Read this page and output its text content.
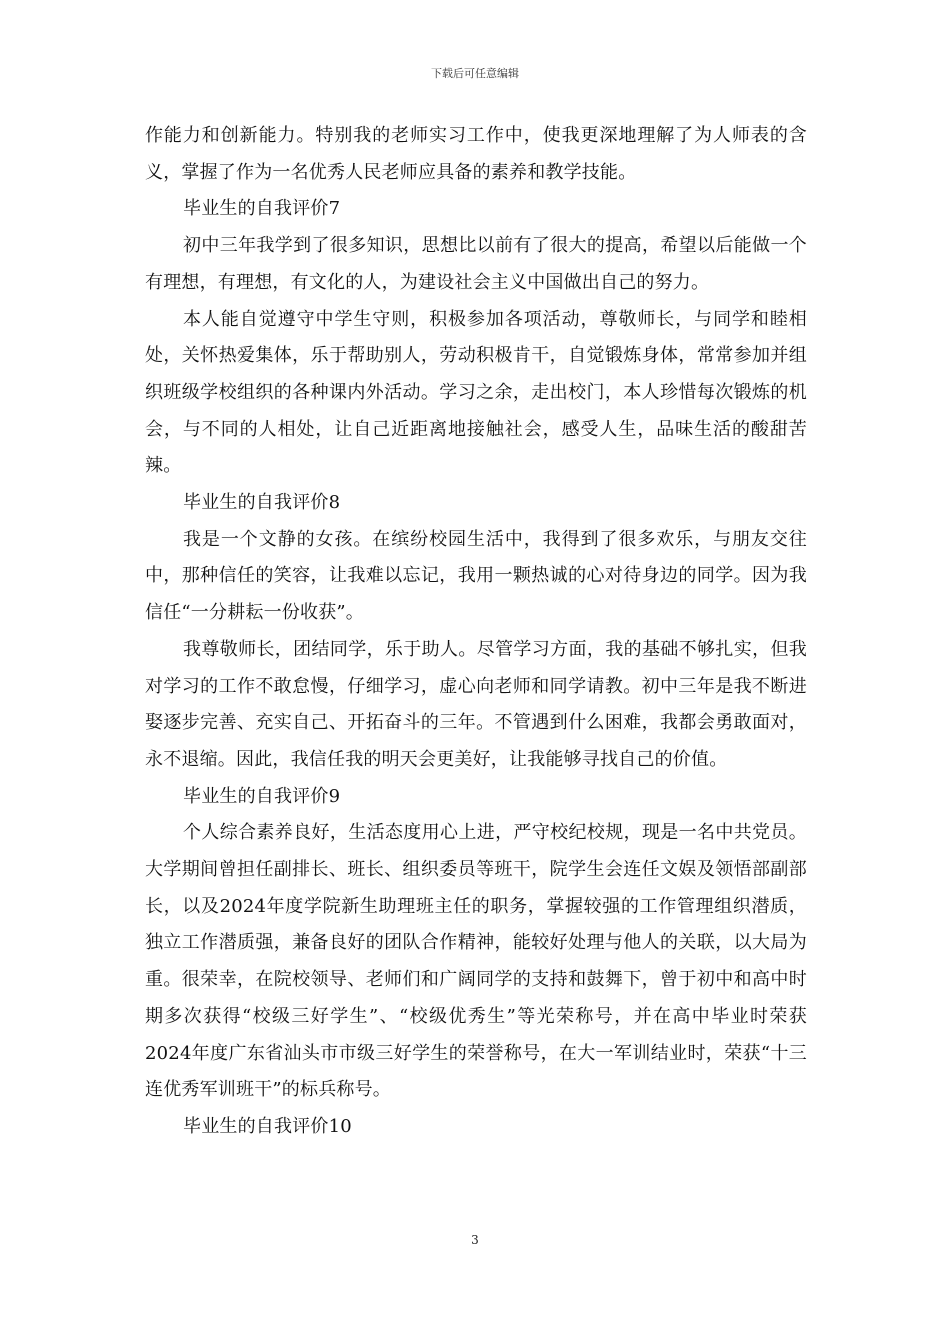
下载后可任意编辑

作能力和创新能力。特别我的老师实习工作中，使我更深地理解了为人师表的含义，掌握了作为一名优秀人民老师应具备的素养和教学技能。

毕业生的自我评价7

初中三年我学到了很多知识，思想比以前有了很大的提高，希望以后能做一个有理想，有理想，有文化的人，为建设社会主义中国做出自己的努力。

本人能自觉遵守中学生守则，积极参加各项活动，尊敬师长，与同学和睦相处，关怀热爱集体，乐于帮助别人，劳动积极肯干，自觉锻炼身体，常常参加并组织班级学校组织的各种课内外活动。学习之余，走出校门，本人珍惜每次锻炼的机会，与不同的人相处，让自己近距离地接触社会，感受人生，品味生活的酸甜苦辣。

毕业生的自我评价8

我是一个文静的女孩。在缤纷校园生活中，我得到了很多欢乐，与朋友交往中，那种信任的笑容，让我难以忘记，我用一颗热诚的心对待身边的同学。因为我信任“一分耕耘一份收获”。

我尊敬师长，团结同学，乐于助人。尽管学习方面，我的基础不够扎实，但我对学习的工作不敢怠慢，仔细学习，虚心向老师和同学请教。初中三年是我不断进娶逐步完善、充实自己、开拓奋斗的三年。不管遇到什么困难，我都会勇敢面对，永不退缩。因此，我信任我的明天会更美好，让我能够寻找自己的价值。

毕业生的自我评价9

个人综合素养良好，生活态度用心上进，严守校纪校规，现是一名中共党员。大学期间曾担任副排长、班长、组织委员等班干，院学生会连任文娱及领悟部副部长，以及2024年度学院新生助理班主任的职务，掌握较强的工作管理组织潜质，独立工作潜质强，兼备良好的团队合作精神，能较好处理与他人的关联，以大局为重。很荣幸，在院校领导、老师们和广阔同学的支持和鼓舞下，曾于初中和高中时期多次获得“校级三好学生”、“校级优秀生”等光荣称号，并在高中毕业时荣获2024年度广东省汕头市市级三好学生的荣誉称号，在大一军训结业时，荣获“十三连优秀军训班干”的标兵称号。

毕业生的自我评价10

3
